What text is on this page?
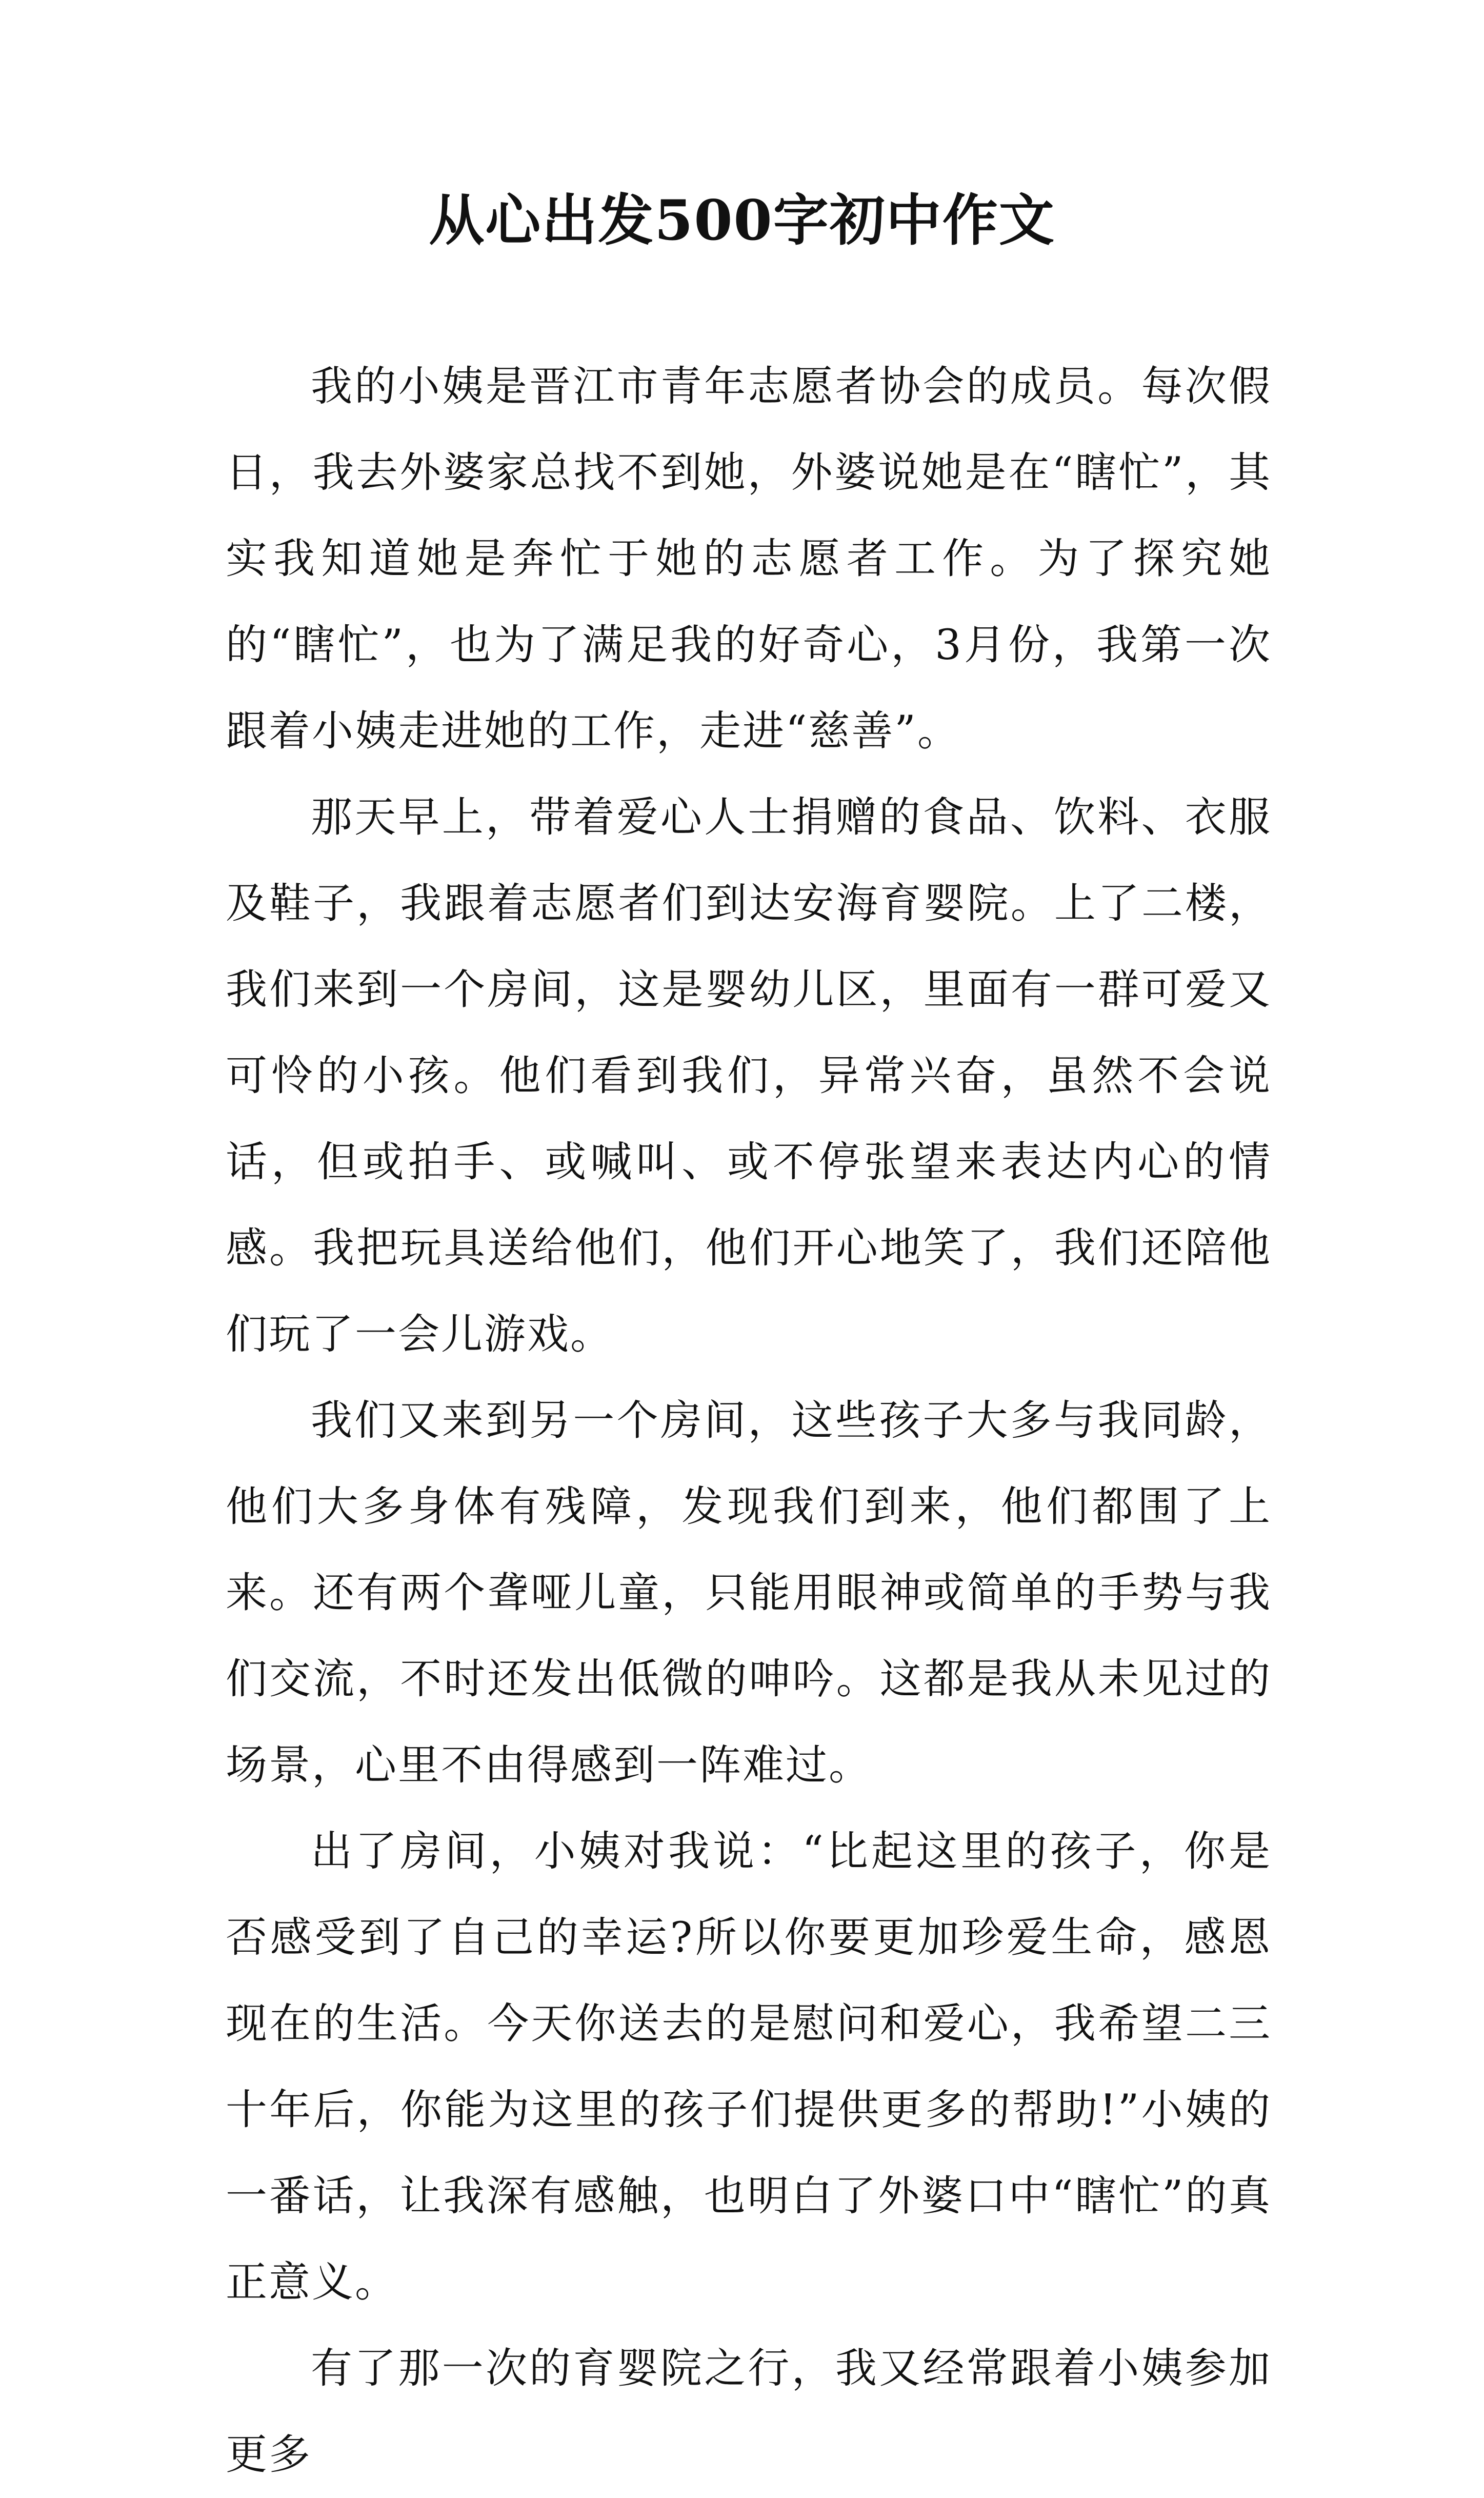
从心出发500字初中作文

我的小姨是晋江市青年志愿者协会的成员。每次假日，我去外婆家总找不到她，外婆说她是在“瞎忙”，其实我知道她是奔忙于她的志愿者工作。为了探究她的“瞎忙”，也为了满足我的好奇心，3月份，我第一次跟着小姨走进她的工作，走进“慈善”。

那天早上，带着爱心人士捐赠的食品、饮料、衣服及鞋子，我跟着志愿者们到达安海育婴院。上了二楼，我们来到一个房间，这是婴幼儿区，里面有一群可爱又可怜的小孩。他们看到我们，异常兴奋，虽然不会说话，但或拍手、或喊叫、或不停张望来表达内心的情感。我把玩具送给他们，他们开心地笑了，我们还陪他们玩了一会儿游戏。

我们又来到另一个房间，这些孩子大多与我同龄，他们大多身体有残障，发现我们到来，他们都围了上来。还有两个聋哑儿童，只能用眼神或简单的手势与我们交流，不时还发出低微的呻吟。这都是我从未见过的场景，心里不由得感到一阵难过。

出了房间，小姨对我说：“比起这里的孩子，你是否感受到了自己的幸运?所以你要更加珍爱生命，感恩现在的生活。今天你送去的是慰问和爱心，我希望二三十年后，你能为这里的孩子们提供更多的帮助!”小姨的一番话，让我深有感触，也明白了外婆口中“瞎忙”的真正意义。

有了那一次的育婴院之行，我又经常跟着小姨参加更多
